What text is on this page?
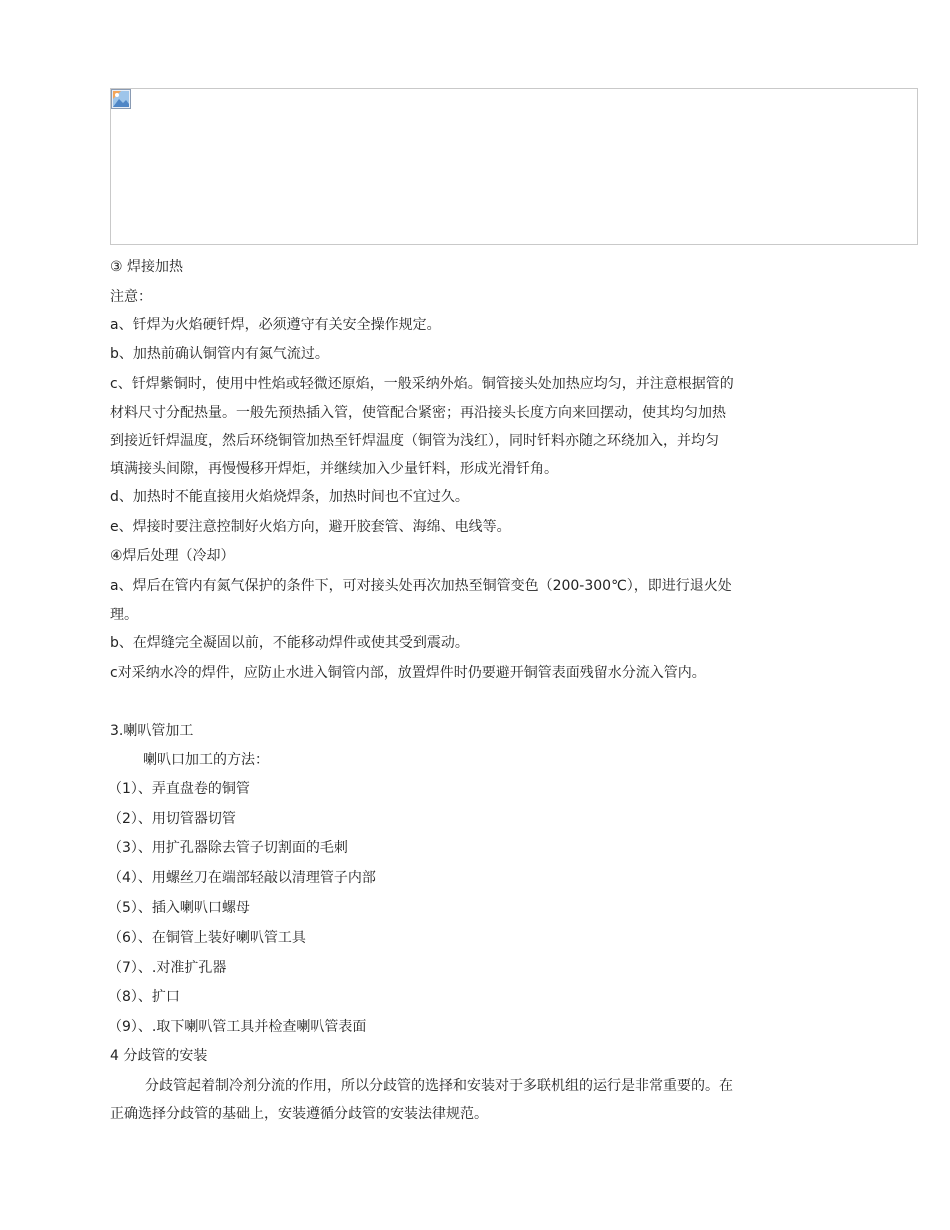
③ 焊接加热
注意：
a、钎焊为火焰硬钎焊，必须遵守有关安全操作规定。
b、加热前确认铜管内有氮气流过。
c、钎焊紫铜时，使用中性焰或轻微还原焰，一般采纳外焰。铜管接头处加热应均匀，并注意根据管的
材料尺寸分配热量。一般先预热插入管，使管配合紧密；再沿接头长度方向来回摆动，使其均匀加热
到接近钎焊温度，然后环绕铜管加热至钎焊温度（铜管为浅红），同时钎料亦随之环绕加入，并均匀
填满接头间隙，再慢慢移开焊炬，并继续加入少量钎料，形成光滑钎角。
d、加热时不能直接用火焰烧焊条，加热时间也不宜过久。
e、焊接时要注意控制好火焰方向，避开胶套管、海绵、电线等。
④焊后处理（冷却）
a、焊后在管内有氮气保护的条件下，可对接头处再次加热至铜管变色（200-300℃），即进行退火处
理。
b、在焊缝完全凝固以前，不能移动焊件或使其受到震动。
c对采纳水冷的焊件，应防止水进入铜管内部，放置焊件时仍要避开铜管表面残留水分流入管内。
3.喇叭管加工
喇叭口加工的方法：
（1）、弄直盘卷的铜管
（2）、用切管器切管
（3）、用扩孔器除去管子切割面的毛刺
（4）、用螺丝刀在端部轻敲以清理管子内部
（5）、插入喇叭口螺母
（6）、在铜管上装好喇叭管工具
（7）、.对准扩孔器
（8）、扩口
（9）、.取下喇叭管工具并检查喇叭管表面
4 分歧管的安装
分歧管起着制冷剂分流的作用，所以分歧管的选择和安装对于多联机组的运行是非常重要的。在
正确选择分歧管的基础上，安装遵循分歧管的安装法律规范。
